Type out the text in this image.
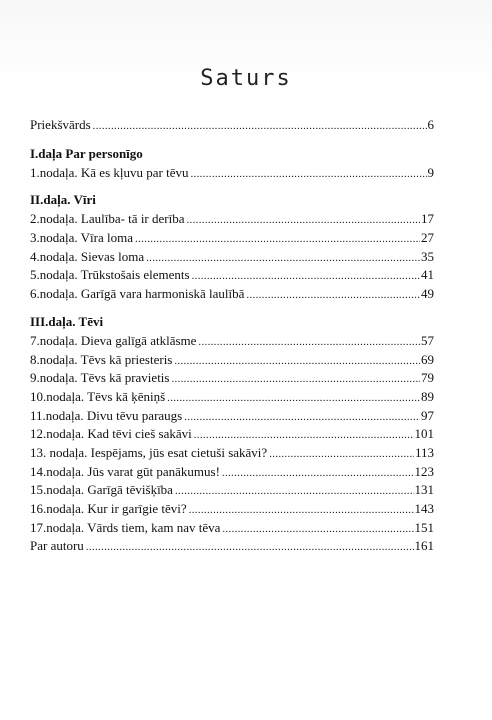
Saturs
Priekšvārds .....	6
I.daļa Par personīgo
1.nodaļa. Kā es kļuvu par tēvu .....	9
II.daļa. Vīri
2.nodaļa. Laulība- tā ir derība .....	17
3.nodaļa. Vīra loma .....	27
4.nodaļa. Sievas loma .....	35
5.nodaļa. Trūkstošais elements .....	41
6.nodaļa. Garīgā vara harmoniskā laulībā .....	49
III.daļa. Tēvi
7.nodaļa. Dieva galīgā atklāsme .....	57
8.nodaļa. Tēvs kā priesteris .....	69
9.nodaļa. Tēvs kā pravietis .....	79
10.nodaļa. Tēvs kā ķēniņš .....	89
11.nodaļa. Divu tēvu paraugs .....	97
12.nodaļa. Kad tēvi cieš sakāvi .....	101
13. nodaļa. Iespējams, jūs esat cietuši sakāvi? .....	113
14.nodaļa. Jūs varat gūt panākumus! .....	123
15.nodaļa. Garīgā tēvišķība .....	131
16.nodaļa. Kur ir garīgie tēvi? .....	143
17.nodaļa. Vārds tiem, kam nav tēva .....	151
Par autoru .....	161
